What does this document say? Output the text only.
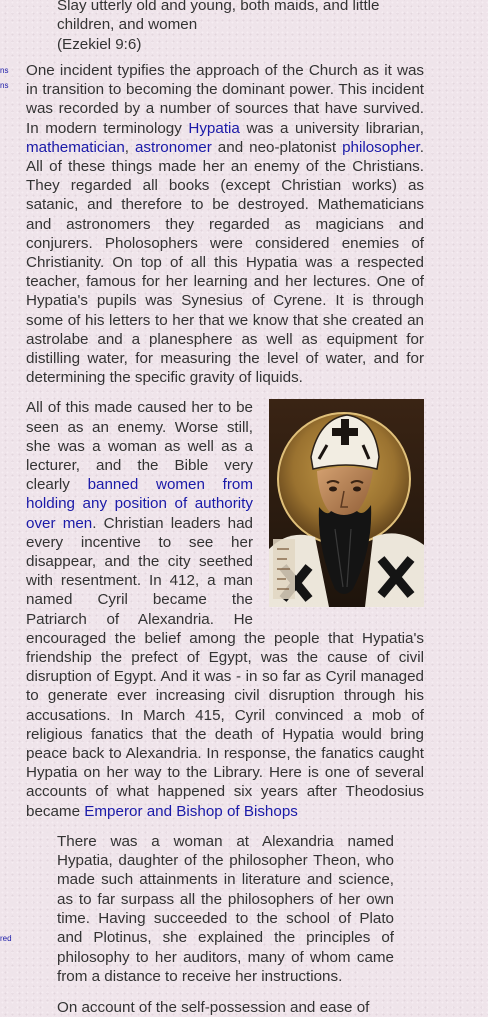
ns
ns
red
Slay utterly old and young, both maids, and little children, and women
(Ezekiel 9:6)

One incident typifies the approach of the Church as it was in transition to becoming the dominant power. This incident was recorded by a number of sources that have survived. In modern terminology Hypatia was a university librarian, mathematician, astronomer and neo-platonist philosopher. All of these things made her an enemy of the Christians. They regarded all books (except Christian works) as satanic, and therefore to be destroyed. Mathematicians and astronomers they regarded as magicians and conjurers. Pholosophers were considered enemies of Christianity. On top of all this Hypatia was a respected teacher, famous for her learning and her lectures. One of Hypatia's pupils was Synesius of Cyrene. It is through some of his letters to her that we know that she created an astrolabe and a planesphere as well as equipment for distilling water, for measuring the level of water, and for determining the specific gravity of liquids.

All of this made caused her to be seen as an enemy. Worse still, she was a woman as well as a lecturer, and the Bible very clearly banned women from holding any position of authority over men. Christian leaders had every incentive to see her disappear, and the city seethed with resentment. In 412, a man named Cyril became the Patriarch of Alexandria. He encouraged the belief among the people that Hypatia's friendship the prefect of Egypt, was the cause of civil disruption of Egypt. And it was - in so far as Cyril managed to generate ever increasing civil disruption through his accusations. In March 415, Cyril convinced a mob of religious fanatics that the death of Hypatia would bring peace back to Alexandria. In response, the fanatics caught Hypatia on her way to the Library. Here is one of several accounts of what happened six years after Theodosius became Emperor and Bishop of Bishops

There was a woman at Alexandria named Hypatia, daughter of the philosopher Theon, who made such attainments in literature and science, as to far surpass all the philosophers of her own time. Having succeeded to the school of Plato and Plotinus, she explained the principles of philosophy to her auditors, many of whom came from a distance to receive her instructions.

On account of the self-possession and ease of
